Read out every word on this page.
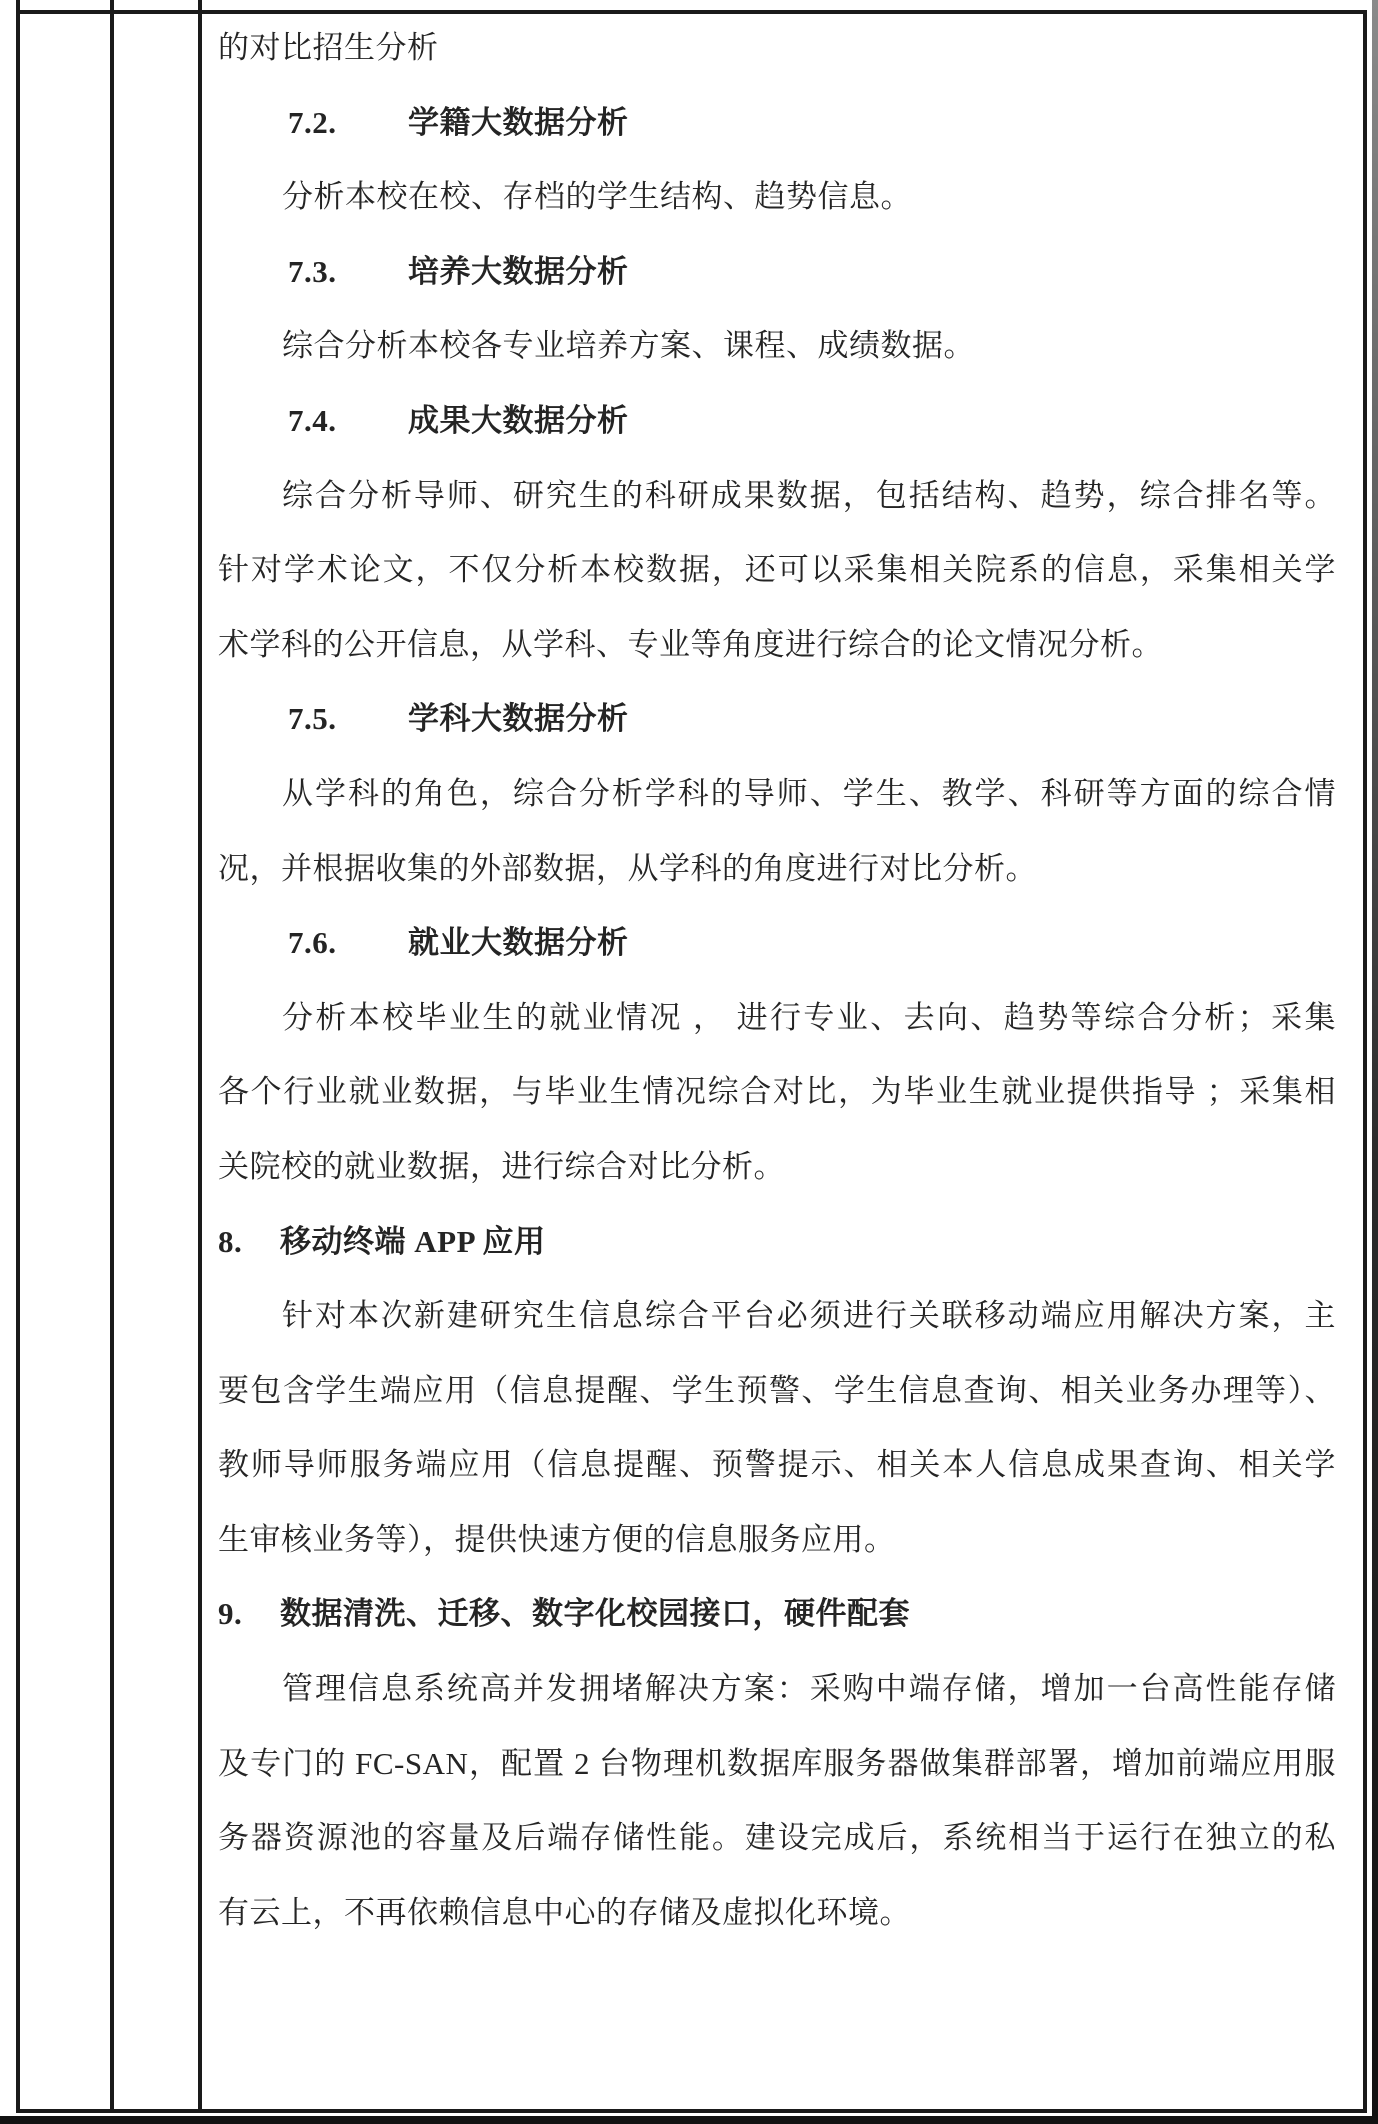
的对比招生分析
7.2. 学籍大数据分析
分析本校在校、存档的学生结构、趋势信息。
7.3. 培养大数据分析
综合分析本校各专业培养方案、课程、成绩数据。
7.4. 成果大数据分析
综合分析导师、研究生的科研成果数据，包括结构、趋势，综合排名等。
针对学术论文，不仅分析本校数据，还可以采集相关院系的信息，采集相关学
术学科的公开信息，从学科、专业等角度进行综合的论文情况分析。
7.5. 学科大数据分析
从学科的角色，综合分析学科的导师、学生、教学、科研等方面的综合情
况，并根据收集的外部数据，从学科的角度进行对比分析。
7.6. 就业大数据分析
分析本校毕业生的就业情况 ， 进行专业、去向、趋势等综合分析；采集
各个行业就业数据，与毕业生情况综合对比，为毕业生就业提供指导 ；采集相
关院校的就业数据，进行综合对比分析。
8. 移动终端 APP 应用
针对本次新建研究生信息综合平台必须进行关联移动端应用解决方案，主
要包含学生端应用（信息提醒、学生预警、学生信息查询、相关业务办理等）、
教师导师服务端应用（信息提醒、预警提示、相关本人信息成果查询、相关学
生审核业务等），提供快速方便的信息服务应用。
9. 数据清洗、迁移、数字化校园接口，硬件配套
管理信息系统高并发拥堵解决方案：采购中端存储，增加一台高性能存储
及专门的 FC-SAN，配置 2 台物理机数据库服务器做集群部署，增加前端应用服
务器资源池的容量及后端存储性能。建设完成后，系统相当于运行在独立的私
有云上，不再依赖信息中心的存储及虚拟化环境。
